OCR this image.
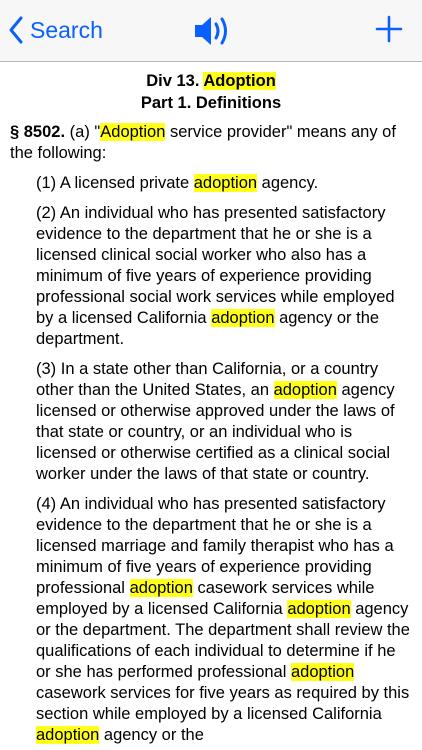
Search
Div 13. Adoption
Part 1. Definitions

§ 8502. (a) "Adoption service provider" means any of the following:

(1) A licensed private adoption agency.

(2) An individual who has presented satisfactory evidence to the department that he or she is a licensed clinical social worker who also has a minimum of five years of experience providing professional social work services while employed by a licensed California adoption agency or the department.

(3) In a state other than California, or a country other than the United States, an adoption agency licensed or otherwise approved under the laws of that state or country, or an individual who is licensed or otherwise certified as a clinical social worker under the laws of that state or country.

(4) An individual who has presented satisfactory evidence to the department that he or she is a licensed marriage and family therapist who has a minimum of five years of experience providing professional adoption casework services while employed by a licensed California adoption agency or the department. The department shall review the qualifications of each individual to determine if he or she has performed professional adoption casework services for five years as required by this section while employed by a licensed California adoption agency or the
